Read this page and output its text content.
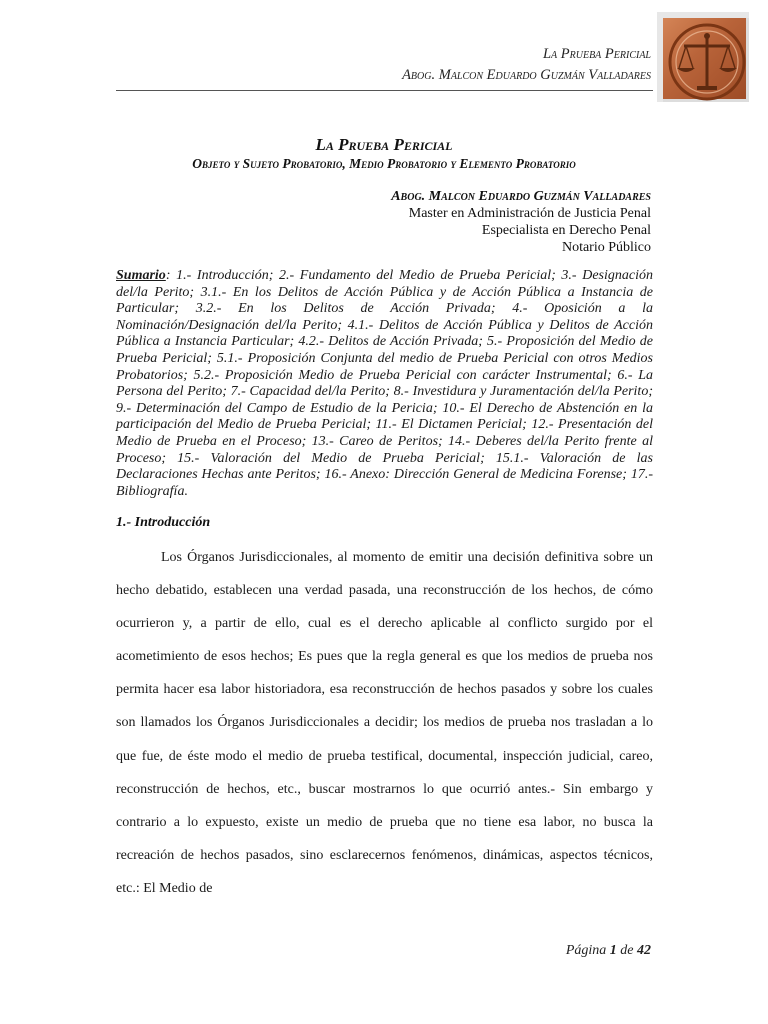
La Prueba Pericial
Abog. Malcon Eduardo Guzmán Valladares
La Prueba Pericial
Objeto y Sujeto Probatorio, Medio Probatorio y Elemento Probatorio
Abog. Malcon Eduardo Guzmán Valladares
Master en Administración de Justicia Penal
Especialista en Derecho Penal
Notario Público
Sumario: 1.- Introducción; 2.- Fundamento del Medio de Prueba Pericial; 3.- Designación del/la Perito; 3.1.- En los Delitos de Acción Pública y de Acción Pública a Instancia de Particular; 3.2.- En los Delitos de Acción Privada; 4.- Oposición a la Nominación/Designación del/la Perito; 4.1.- Delitos de Acción Pública y Delitos de Acción Pública a Instancia Particular; 4.2.- Delitos de Acción Privada; 5.- Proposición del Medio de Prueba Pericial; 5.1.- Proposición Conjunta del medio de Prueba Pericial con otros Medios Probatorios; 5.2.- Proposición Medio de Prueba Pericial con carácter Instrumental; 6.- La Persona del Perito; 7.- Capacidad del/la Perito; 8.- Investidura y Juramentación del/la Perito; 9.- Determinación del Campo de Estudio de la Pericia; 10.- El Derecho de Abstención en la participación del Medio de Prueba Pericial; 11.- El Dictamen Pericial; 12.- Presentación del Medio de Prueba en el Proceso; 13.- Careo de Peritos; 14.- Deberes del/la Perito frente al Proceso; 15.- Valoración del Medio de Prueba Pericial; 15.1.- Valoración de las Declaraciones Hechas ante Peritos; 16.- Anexo: Dirección General de Medicina Forense; 17.- Bibliografía.
1.- Introducción
Los Órganos Jurisdiccionales, al momento de emitir una decisión definitiva sobre un hecho debatido, establecen una verdad pasada, una reconstrucción de los hechos, de cómo ocurrieron y, a partir de ello, cual es el derecho aplicable al conflicto surgido por el acometimiento de esos hechos; Es pues que la regla general es que los medios de prueba nos permita hacer esa labor historiadora, esa reconstrucción de hechos pasados y sobre los cuales son llamados los Órganos Jurisdiccionales a decidir; los medios de prueba nos trasladan a lo que fue, de éste modo el medio de prueba testifical, documental, inspección judicial, careo, reconstrucción de hechos, etc., buscar mostrarnos lo que ocurrió antes.- Sin embargo y contrario a lo expuesto, existe un medio de prueba que no tiene esa labor, no busca la recreación de hechos pasados, sino esclarecernos fenómenos, dinámicas, aspectos técnicos, etc.: El Medio de
Página 1 de 42
